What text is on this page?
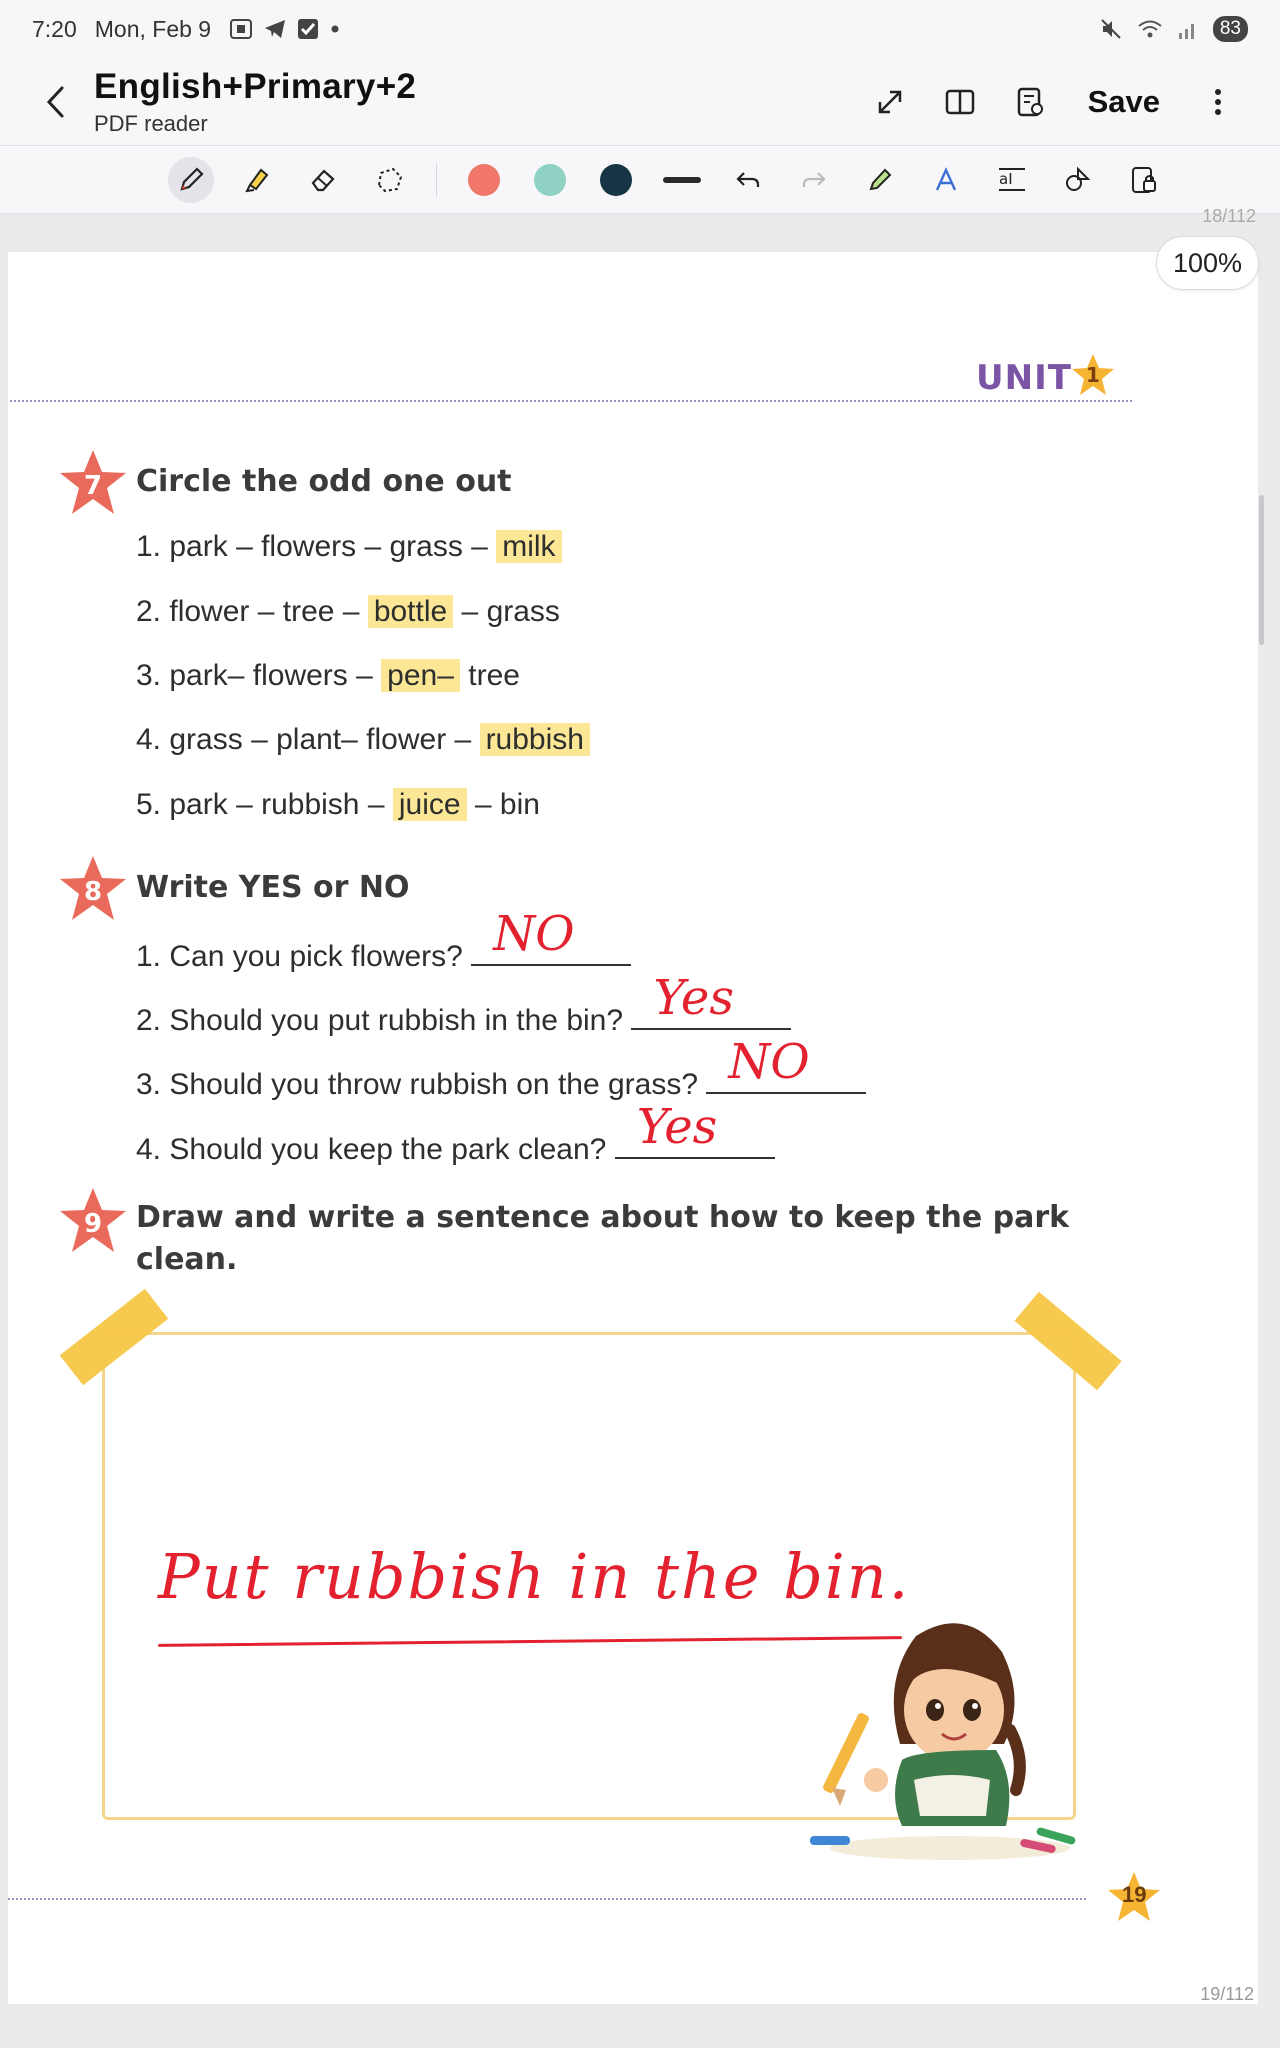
7:20 Mon, Feb 9	83
English+Primary+2
PDF reader
Save
aI
18/112
100%
UNIT 1
7 Circle the odd one out
1. park – flowers – grass – milk
2. flower – tree – bottle – grass
3. park– flowers – pen– tree
4. grass – plant– flower – rubbish
5. park – rubbish – juice – bin
8 Write YES or NO
1. Can you pick flowers? NO
2. Should you put rubbish in the bin? Yes
3. Should you throw rubbish on the grass? NO
4. Should you keep the park clean? Yes
9 Draw and write a sentence about how to keep the park
clean.
Put rubbish in the bin.
19
19/112
